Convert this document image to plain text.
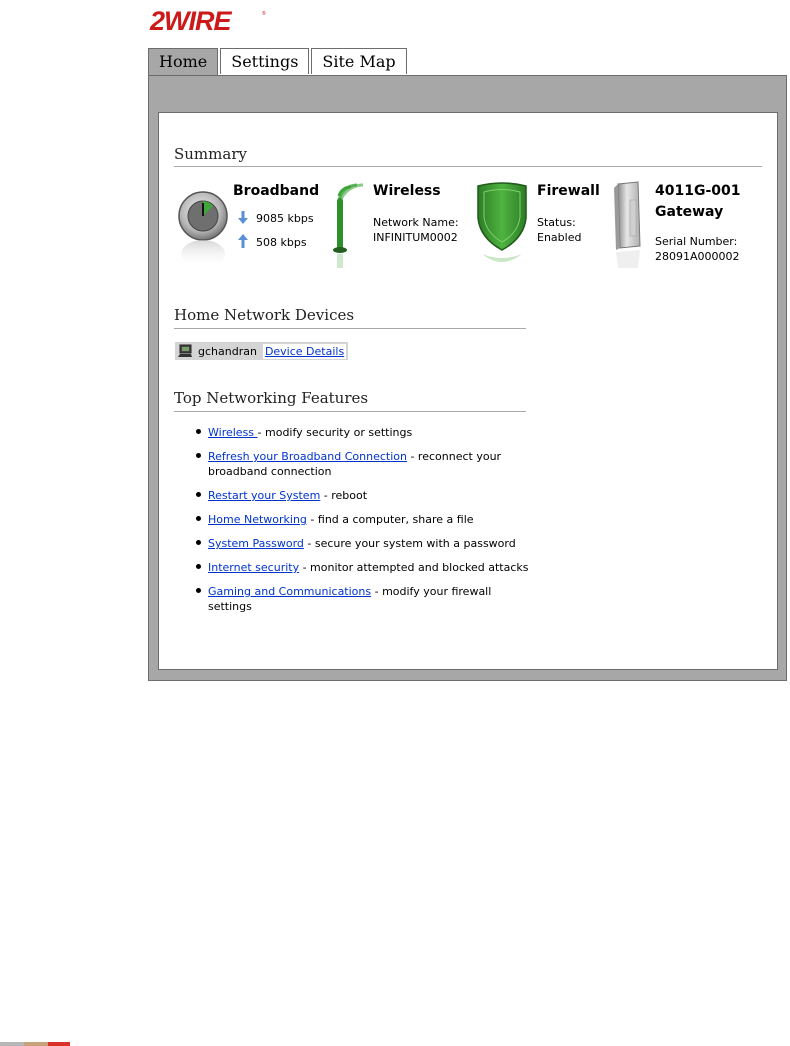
2WIRE	®
Home	Settings	Site Map
Summary
Broadband
9085 kbps
508 kbps
Wireless
Network Name:
INFINITUM0002
Firewall
Status:
Enabled
4011G-001
Gateway
Serial Number:
28091A000002
Home Network Devices
gchandran Device Details
Top Networking Features
Wireless - modify security or settings
Refresh your Broadband Connection - reconnect your broadband connection
Restart your System - reboot
Home Networking - find a computer, share a file
System Password - secure your system with a password
Internet security - monitor attempted and blocked attacks
Gaming and Communications - modify your firewall settings
